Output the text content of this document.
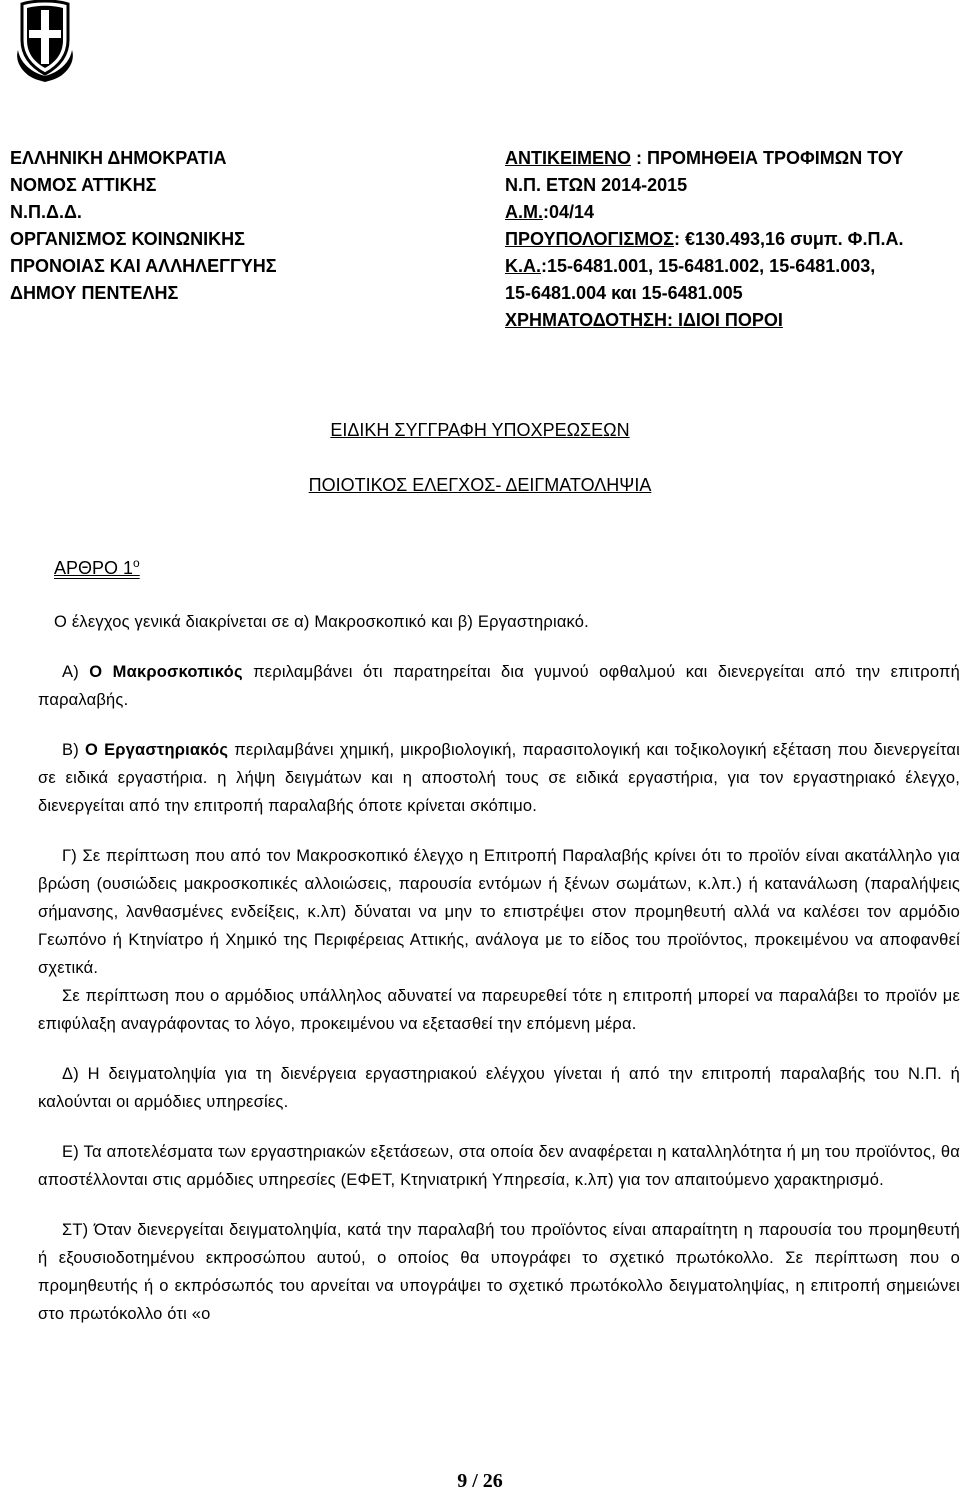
ΕΛΛΗΝΙΚΗ ΔΗΜΟΚΡΑΤΙΑ
ΝΟΜΟΣ ΑΤΤΙΚΗΣ
Ν.Π.Δ.Δ.
ΟΡΓΑΝΙΣΜΟΣ ΚΟΙΝΩΝΙΚΗΣ
ΠΡΟΝΟΙΑΣ ΚΑΙ ΑΛΛΗΛΕΓΓΥΗΣ
ΔΗΜΟΥ ΠΕΝΤΕΛΗΣ
ΑΝΤΙΚΕΙΜΕΝΟ : ΠΡΟΜΗΘΕΙΑ ΤΡΟΦΙΜΩΝ ΤΟΥ
Ν.Π. ΕΤΩΝ 2014-2015
Α.Μ.:04/14
ΠΡΟΥΠΟΛΟΓΙΣΜΟΣ: €130.493,16 συμπ. Φ.Π.Α.
Κ.Α.:15-6481.001, 15-6481.002, 15-6481.003,
15-6481.004 και 15-6481.005
ΧΡΗΜΑΤΟΔΟΤΗΣΗ: ΙΔΙΟΙ ΠΟΡΟΙ
ΕΙΔΙΚΗ ΣΥΓΓΡΑΦΗ ΥΠΟΧΡΕΩΣΕΩΝ
ΠΟΙΟΤΙΚΟΣ ΕΛΕΓΧΟΣ- ΔΕΙΓΜΑΤΟΛΗΨΙΑ
ΑΡΘΡΟ $1^o$

Ο έλεγχος γενικά διακρίνεται σε α) Μακροσκοπικό και β) Εργαστηριακό.

Α) Ο Μακροσκοπικός περιλαμβάνει ότι παρατηρείται δια γυμνού οφθαλμού και διενεργείται από την επιτροπή παραλαβής.

Β) Ο Εργαστηριακός περιλαμβάνει χημική, μικροβιολογική, παρασιτολογική και τοξικολογική εξέταση που διενεργείται σε ειδικά εργαστήρια. η λήψη δειγμάτων και η αποστολή τους σε ειδικά εργαστήρια, για τον εργαστηριακό έλεγχο, διενεργείται από την επιτροπή παραλαβής όποτε κρίνεται σκόπιμο.

Γ) Σε περίπτωση που από τον Μακροσκοπικό έλεγχο η Επιτροπή Παραλαβής κρίνει ότι το προϊόν είναι ακατάλληλο για βρώση (ουσιώδεις μακροσκοπικές αλλοιώσεις, παρουσία εντόμων ή ξένων σωμάτων, κ.λπ.) ή κατανάλωση (παραλήψεις σήμανσης, λανθασμένες ενδείξεις, κ.λπ) δύναται να μην το επιστρέψει στον προμηθευτή αλλά να καλέσει τον αρμόδιο Γεωπόνο ή Κτηνίατρο ή Χημικό της Περιφέρειας Αττικής, ανάλογα με το είδος του προϊόντος, προκειμένου να αποφανθεί σχετικά.

Σε περίπτωση που ο αρμόδιος υπάλληλος αδυνατεί να παρευρεθεί τότε η επιτροπή μπορεί να παραλάβει το προϊόν με επιφύλαξη αναγράφοντας το λόγο, προκειμένου να εξετασθεί την επόμενη μέρα.

Δ) Η δειγματοληψία για τη διενέργεια εργαστηριακού ελέγχου γίνεται ή από την επιτροπή παραλαβής του Ν.Π. ή καλούνται οι αρμόδιες υπηρεσίες.

Ε) Τα αποτελέσματα των εργαστηριακών εξετάσεων, στα οποία δεν αναφέρεται η καταλληλότητα ή μη του προϊόντος, θα αποστέλλονται στις αρμόδιες υπηρεσίες (ΕΦΕΤ, Κτηνιατρική Υπηρεσία, κ.λπ) για τον απαιτούμενο χαρακτηρισμό.

ΣΤ) Όταν διενεργείται δειγματοληψία, κατά την παραλαβή του προϊόντος είναι απαραίτητη η παρουσία του προμηθευτή ή εξουσιοδοτημένου εκπροσώπου αυτού, ο οποίος θα υπογράφει το σχετικό πρωτόκολλο. Σε περίπτωση που ο προμηθευτής ή ο εκπρόσωπός του αρνείται να υπογράψει το σχετικό πρωτόκολλο δειγματοληψίας, η επιτροπή σημειώνει στο πρωτόκολλο ότι «ο

9 / 26
